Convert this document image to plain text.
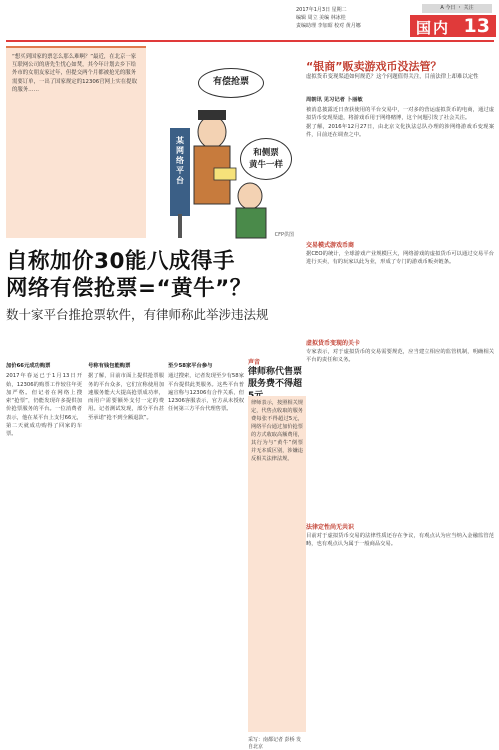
2017年1月3日 星期二
编辑 周立 美编 林冰桂
责编助理 李加昭 校对 黄月娜
A 今日 ・ 关注
国内 13
“想买到国家的票怎么那么难啊？”最近，在北京一家互联网公司的唐先生忧心如焚，其今年计划去乡下给外市的女朋友家过年，但提交两个月都被抢光的服务需要订单，一出了国家规定的12306官网上实在提取的服务……
某网络平台
有偿抢票
和侧票
黄牛一样
CFP供图
“银商”贩卖游戏币没法管？
虚拟货币变现渠道如何规范？这个问题值得关注，目前法律上却难以定性
周朝讯 见习记者 卜丽敏

被消息披露近日查获使用的平台交易中，一对多的营运虚拟货币的电商，通过虚拟货币变现渠道，将游戏币用于网络赌博，这个问题引发了社会关注。

据了解，2016年12月27日，由北京文化执法总队办理的涉网络游戏币变现案件，目前还在调查之中。

交易模式游戏币商

据CEO的统计，全球游戏产业规模巨大，网络游戏的虚拟货币可以通过交易平台进行买卖，有的玩家以此为业，形成了专门的游戏币贩卖链条。

虚拟货币变现的关卡

专家表示，对于虚拟货币的交易需要规范，应当建立相应的监管机制，明确相关平台的责任和义务。

法律定性尚无共识

目前对于虚拟货币交易的法律性质还存在争议，有观点认为应当纳入金融监管范畴，也有观点认为属于一般商品交易。

自称加价30能八成得手
网络有偿抢票=“黄牛”？
数十家平台推抢票软件，有律师称此举涉违法规
加价66元成功购票

2017年春运已于1月13日开始，12306的购票工作较往年更加严格。但记者在网络上搜索“抢票”，仍能发现许多提供加价抢票服务的平台。一位消费者表示，他在某平台上支付66元，第二天就成功购得了回家的车票。

号称有钱包能购票

据了解，目前市面上提供抢票服务的平台众多，它们宣称使用加速服务能大大提高抢票成功率，而用户需要额外支付一定的费用。记者测试发现，部分平台甚至承诺“抢不到全额退款”。

至少58家平台参与

通过搜索，记者发现至少有58家平台提供此类服务。这些平台普遍宣称与12306有合作关系，但12306客服表示，官方从未授权任何第三方平台代理售票。

声音
律师称代售票服务费不得超

律师表示，按照相关规定，代售点收取的服务费每张不得超过5元，网络平台通过加价抢票的方式收取高额费用，其行为与“黄牛”倒票并无本质区别，涉嫌违反相关法律法规。

采写：南都记者 彭桥 发自北京
